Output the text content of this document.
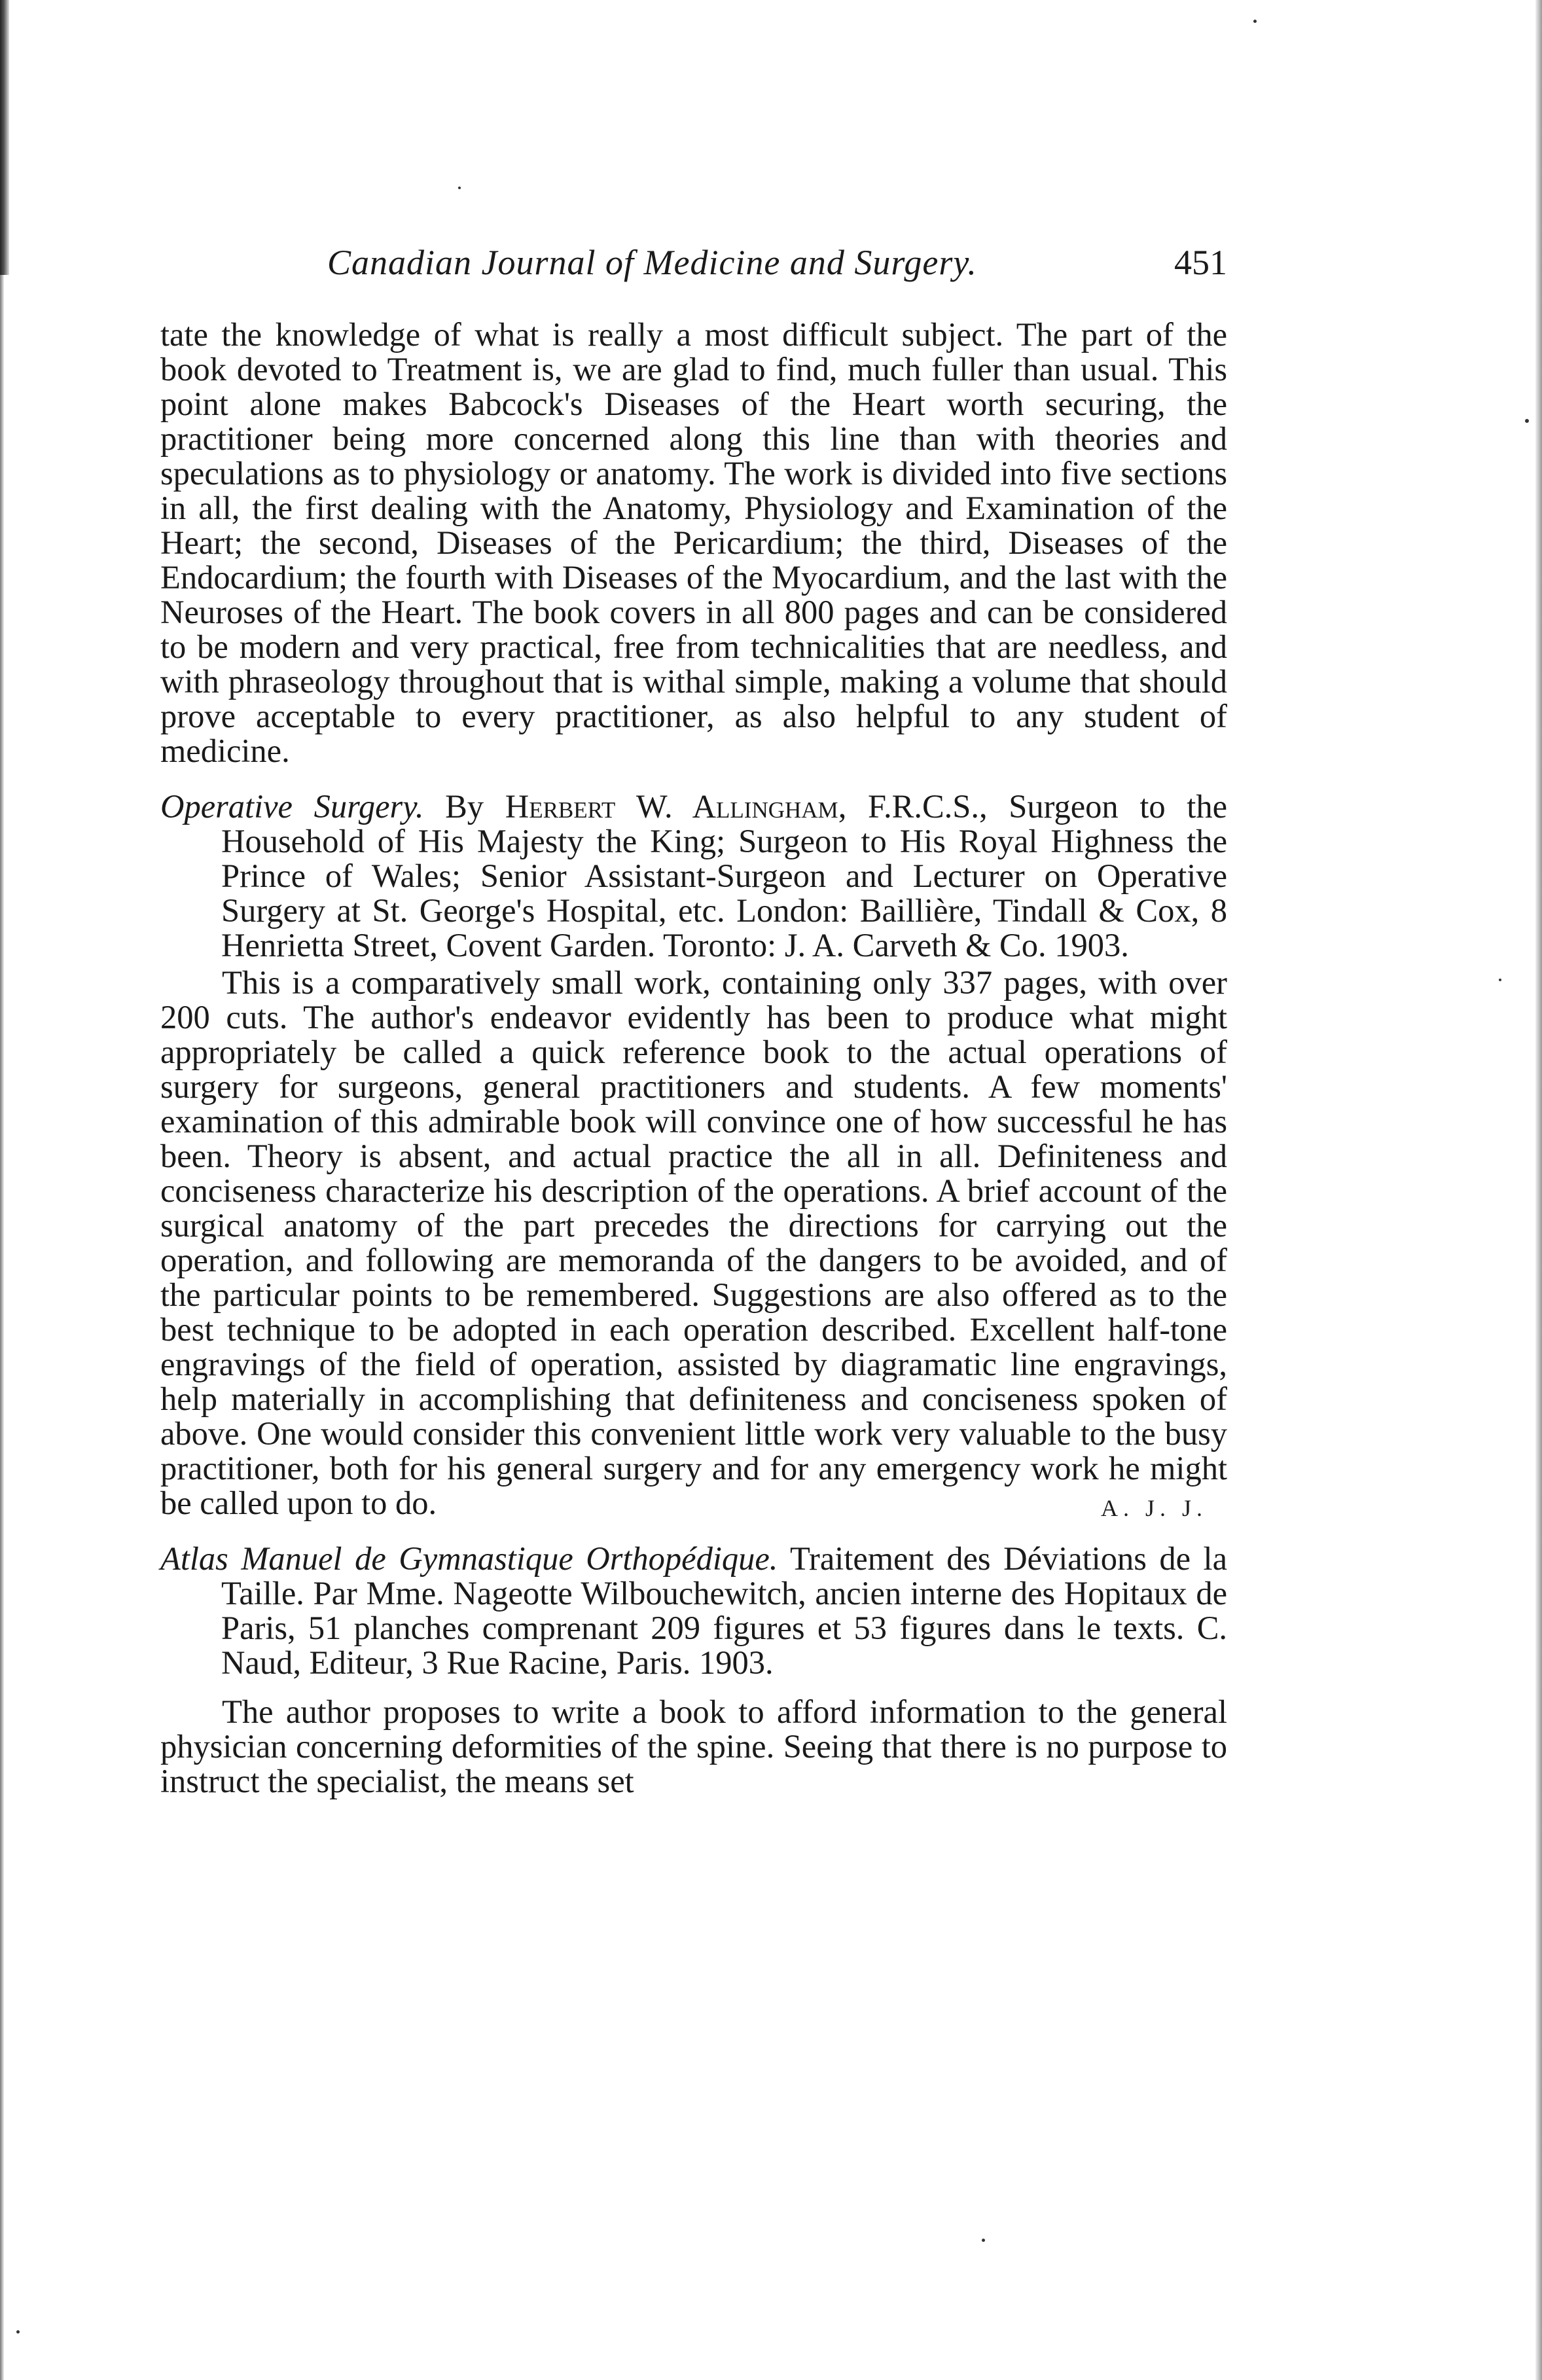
Canadian Journal of Medicine and Surgery.	451

tate the knowledge of what is really a most difficult subject. The part of the book devoted to Treatment is, we are glad to find, much fuller than usual. This point alone makes Babcock's Diseases of the Heart worth securing, the practitioner being more concerned along this line than with theories and speculations as to physiology or anatomy. The work is divided into five sections in all, the first dealing with the Anatomy, Physiology and Examination of the Heart; the second, Diseases of the Pericardium; the third, Diseases of the Endocardium; the fourth with Diseases of the Myocardium, and the last with the Neuroses of the Heart. The book covers in all 800 pages and can be considered to be modern and very practical, free from technicalities that are needless, and with phraseology throughout that is withal simple, making a volume that should prove acceptable to every practitioner, as also helpful to any student of medicine.

Operative Surgery. By Herbert W. Allingham, F.R.C.S., Surgeon to the Household of His Majesty the King; Surgeon to His Royal Highness the Prince of Wales; Senior Assistant-Surgeon and Lecturer on Operative Surgery at St. George's Hospital, etc. London: Baillière, Tindall & Cox, 8 Henrietta Street, Covent Garden. Toronto: J. A. Carveth & Co. 1903.

This is a comparatively small work, containing only 337 pages, with over 200 cuts. The author's endeavor evidently has been to produce what might appropriately be called a quick reference book to the actual operations of surgery for surgeons, general practitioners and students. A few moments' examination of this admirable book will convince one of how successful he has been. Theory is absent, and actual practice the all in all. Definiteness and conciseness characterize his description of the operations. A brief account of the surgical anatomy of the part precedes the directions for carrying out the operation, and following are memoranda of the dangers to be avoided, and of the particular points to be remembered. Suggestions are also offered as to the best technique to be adopted in each operation described. Excellent half-tone engravings of the field of operation, assisted by diagramatic line engravings, help materially in accomplishing that definiteness and conciseness spoken of above. One would consider this convenient little work very valuable to the busy practitioner, both for his general surgery and for any emergency work he might be called upon to do.	A. J. J.

Atlas Manuel de Gymnastique Orthopédique. Traitement des Déviations de la Taille. Par Mme. Nageotte Wilbouchewitch, ancien interne des Hopitaux de Paris, 51 planches comprenant 209 figures et 53 figures dans le texts. C. Naud, Editeur, 3 Rue Racine, Paris. 1903.

The author proposes to write a book to afford information to the general physician concerning deformities of the spine. Seeing that there is no purpose to instruct the specialist, the means set
